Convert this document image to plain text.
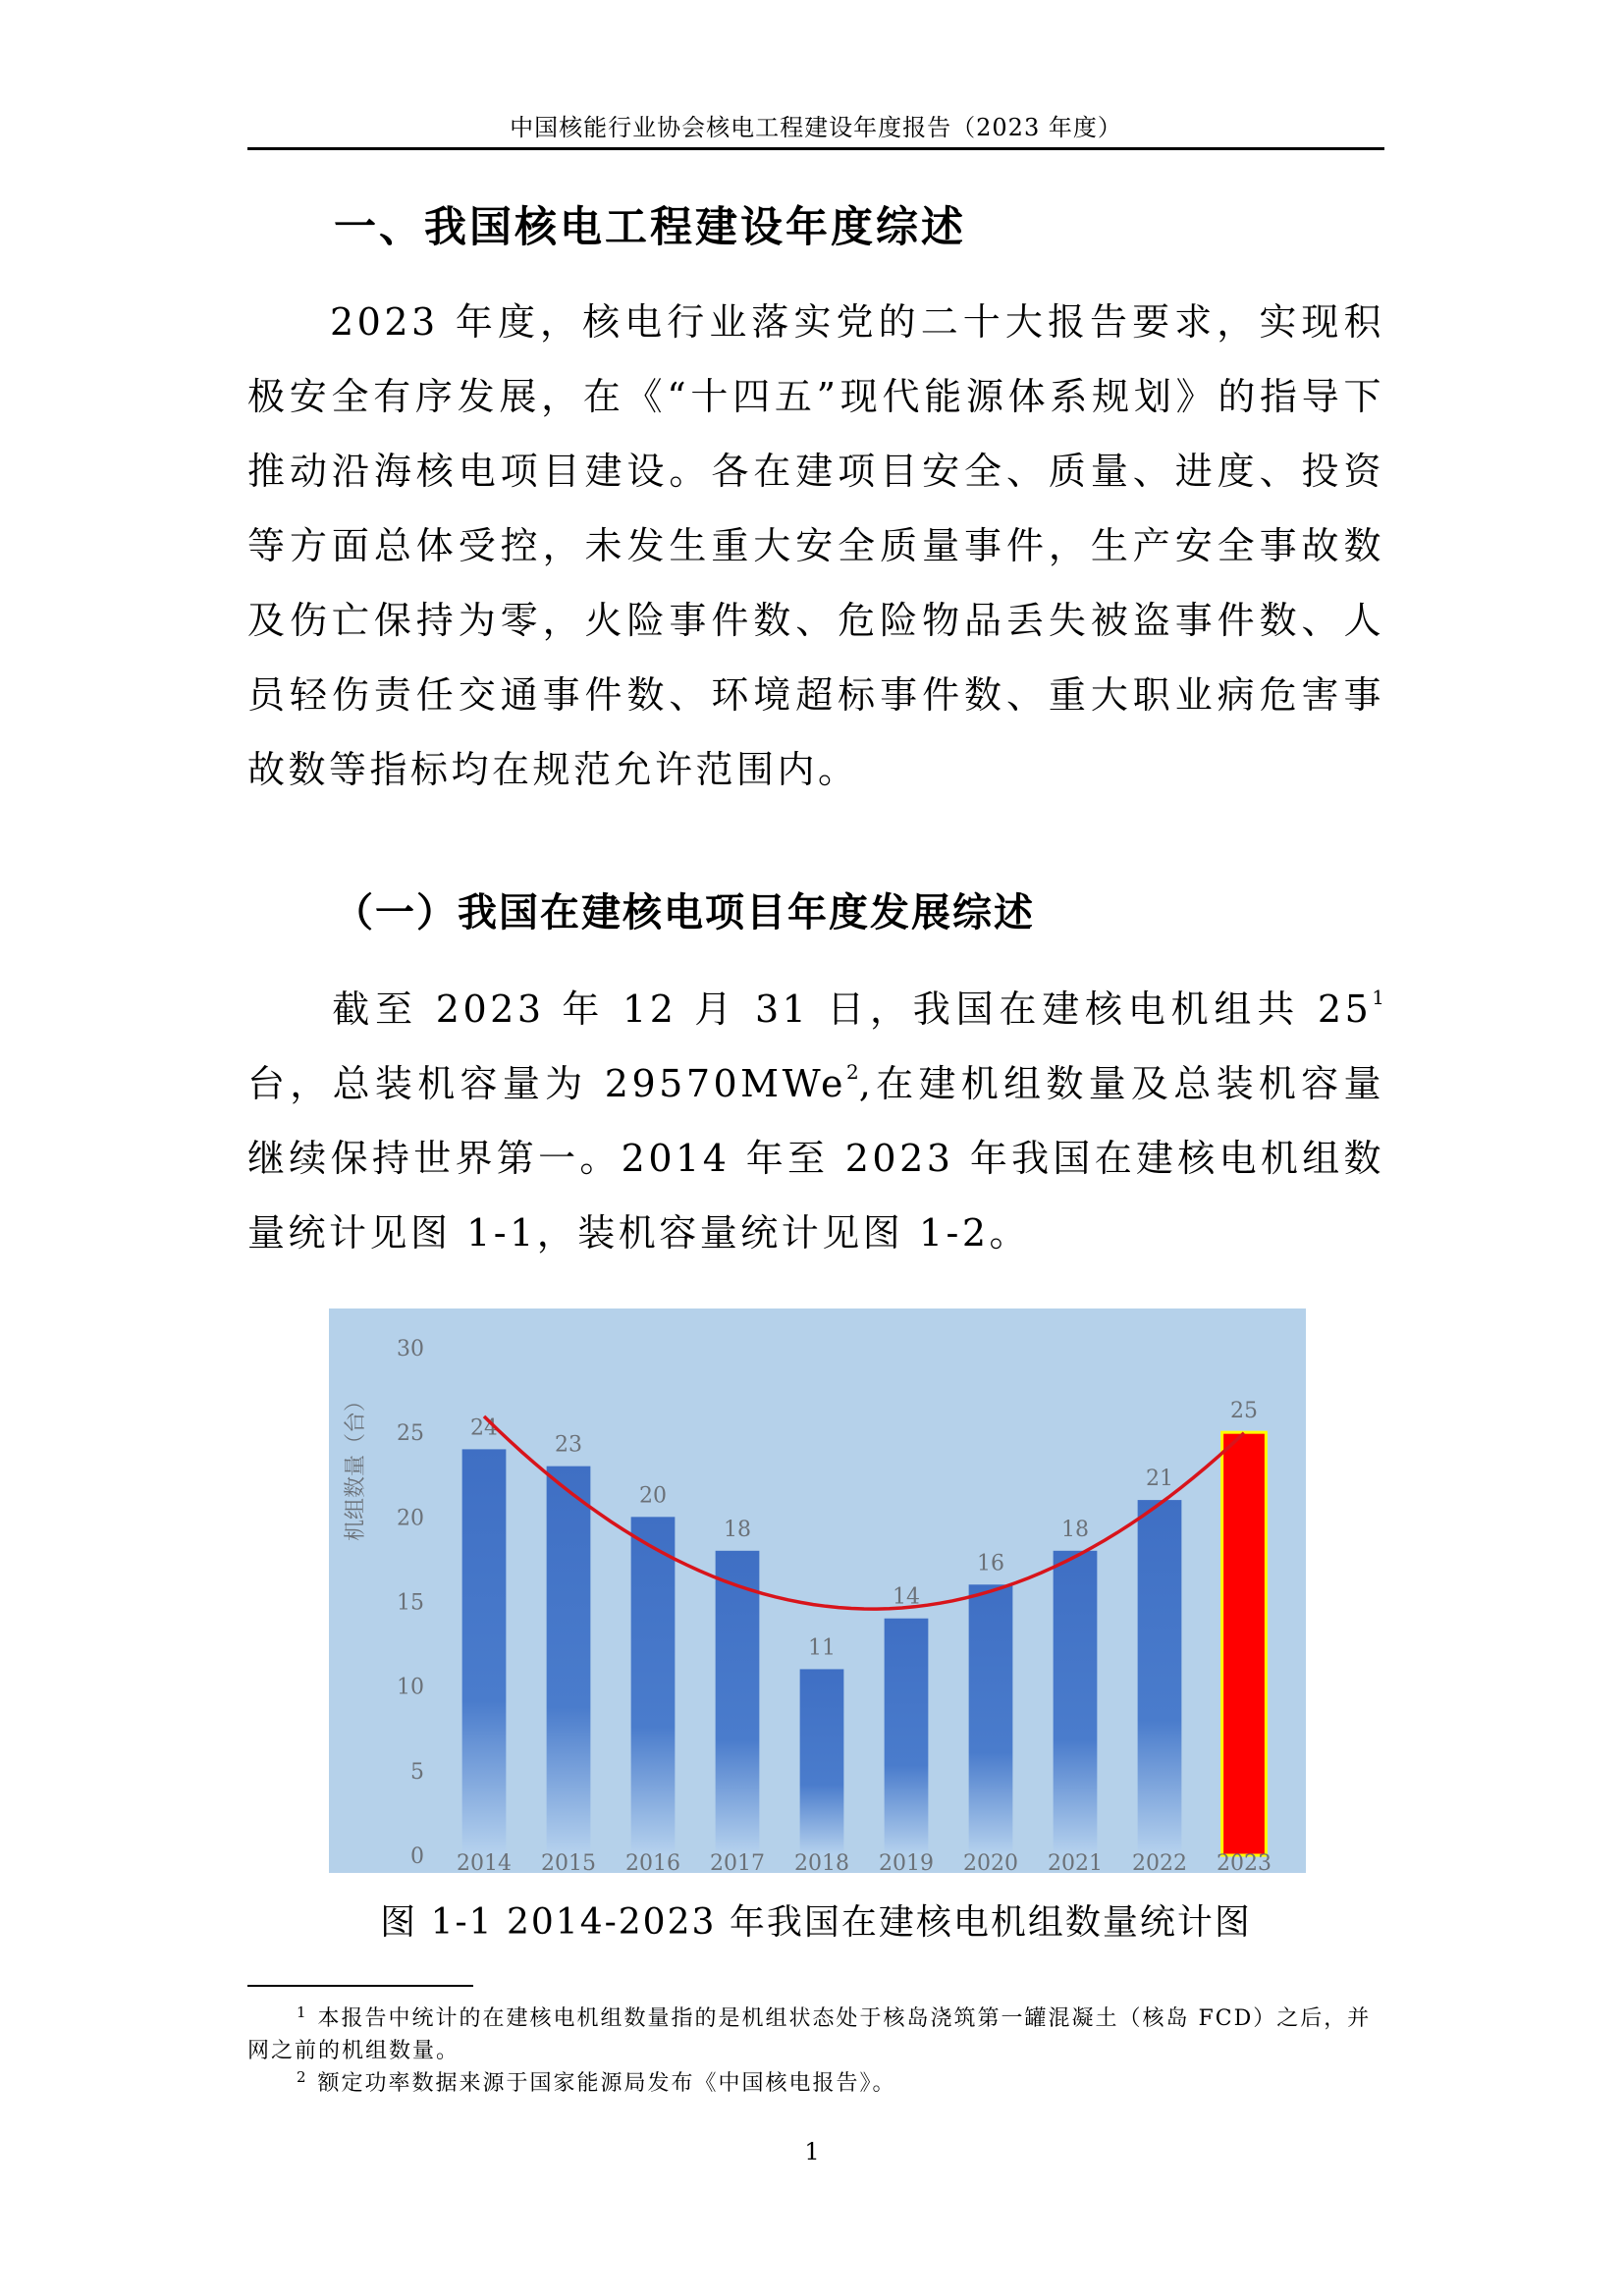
中国核能行业协会核电工程建设年度报告（2023 年度）
一、我国核电工程建设年度综述

2023 年度，核电行业落实党的二十大报告要求，实现积极安全有序发展，在《“十四五”现代能源体系规划》的指导下推动沿海核电项目建设。各在建项目安全、质量、进度、投资等方面总体受控，未发生重大安全质量事件，生产安全事故数及伤亡保持为零，火险事件数、危险物品丢失被盗事件数、人员轻伤责任交通事件数、环境超标事件数、重大职业病危害事故数等指标均在规范允许范围内。

（一）我国在建核电项目年度发展综述

截至 2023 年 12 月 31 日，我国在建核电机组共 $25^1$台，总装机容量为 29570MWe$^2$,在建机组数量及总装机容量继续保持世界第一。2014 年至 2023 年我国在建核电机组数量统计见图 1-1，装机容量统计见图 1-2。

机组数量（台）
0
5
10
15
20
25
30
24
23
20
18
11
14
16
18
21
25
2014 2015 2016 2017 2018 2019 2020 2021 2022 2023
图 1-1 2014-2023 年我国在建核电机组数量统计图

$^1$ 本报告中统计的在建核电机组数量指的是机组状态处于核岛浇筑第一罐混凝土（核岛 FCD）之后，并网之前的机组数量。

$^2$ 额定功率数据来源于国家能源局发布《中国核电报告》。

1
